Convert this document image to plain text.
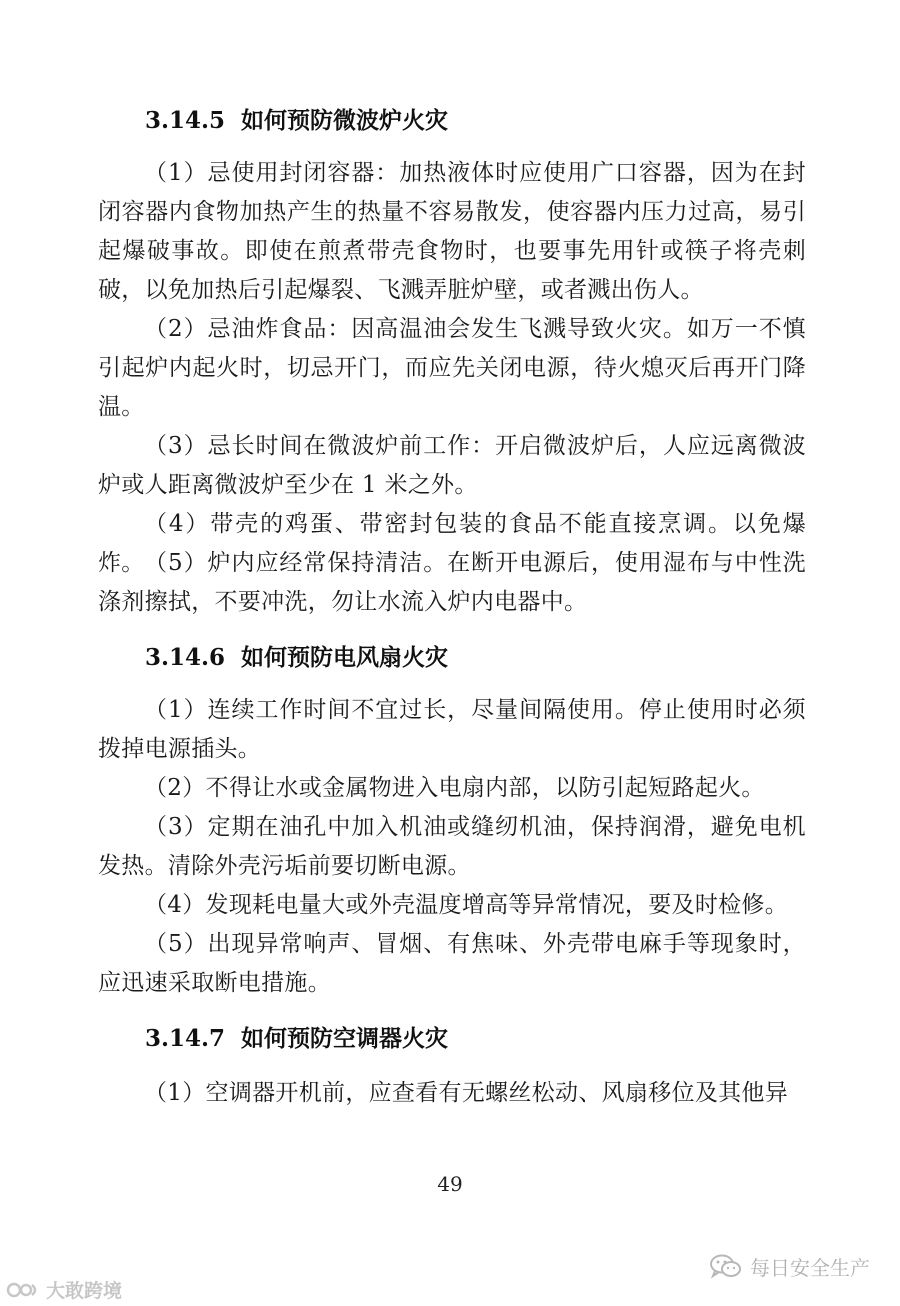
3.14.5 如何预防微波炉火灾

（1）忌使用封闭容器：加热液体时应使用广口容器，因为在封闭容器内食物加热产生的热量不容易散发，使容器内压力过高，易引起爆破事故。即使在煎煮带壳食物时，也要事先用针或筷子将壳刺破，以免加热后引起爆裂、飞溅弄脏炉壁，或者溅出伤人。

（2）忌油炸食品：因高温油会发生飞溅导致火灾。如万一不慎引起炉内起火时，切忌开门，而应先关闭电源，待火熄灭后再开门降温。

（3）忌长时间在微波炉前工作：开启微波炉后，人应远离微波炉或人距离微波炉至少在 1 米之外。

（4）带壳的鸡蛋、带密封包装的食品不能直接烹调。以免爆炸。 （5）炉内应经常保持清洁。在断开电源后，使用湿布与中性洗涤剂擦拭，不要冲洗，勿让水流入炉内电器中。

3.14.6 如何预防电风扇火灾

（1）连续工作时间不宜过长，尽量间隔使用。停止使用时必须拨掉电源插头。

（2）不得让水或金属物进入电扇内部，以防引起短路起火。

（3）定期在油孔中加入机油或缝纫机油，保持润滑，避免电机发热。清除外壳污垢前要切断电源。

（4）发现耗电量大或外壳温度增高等异常情况，要及时检修。

（5）出现异常响声、冒烟、有焦味、外壳带电麻手等现象时，应迅速采取断电措施。

3.14.7 如何预防空调器火灾

（1）空调器开机前，应查看有无螺丝松动、风扇移位及其他异

49
大敢跨境
每日安全生产
